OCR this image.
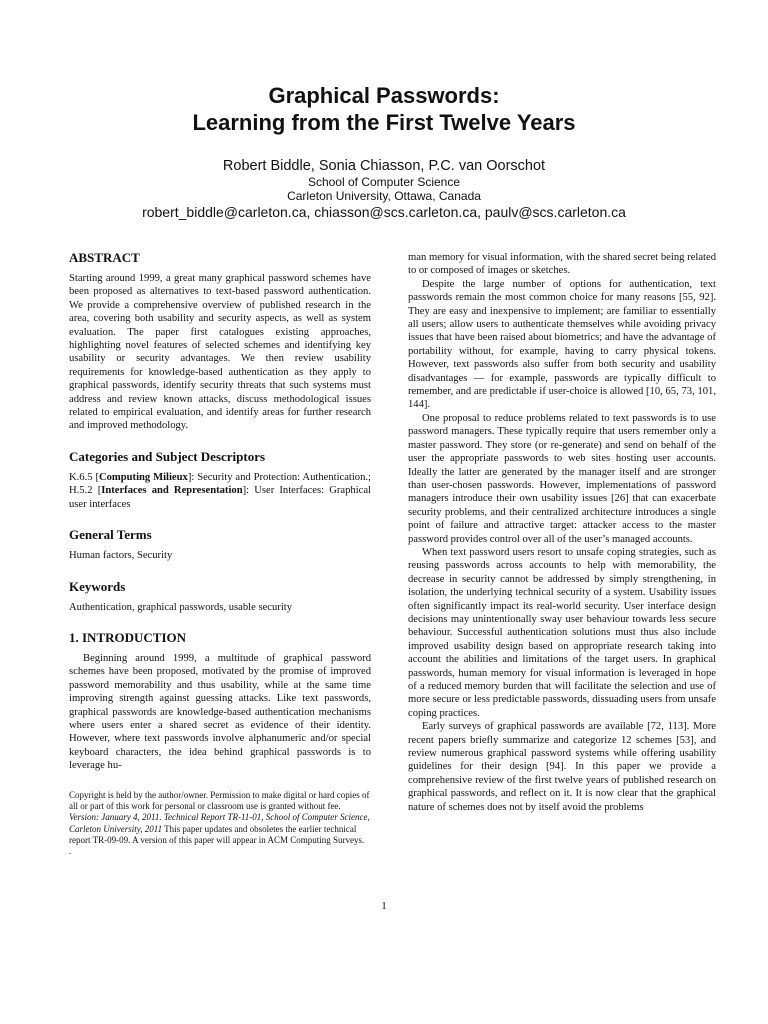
Graphical Passwords:
Learning from the First Twelve Years
Robert Biddle, Sonia Chiasson, P.C. van Oorschot
School of Computer Science
Carleton University, Ottawa, Canada
robert_biddle@carleton.ca, chiasson@scs.carleton.ca, paulv@scs.carleton.ca
ABSTRACT

Starting around 1999, a great many graphical password schemes have been proposed as alternatives to text-based password authentication. We provide a comprehensive overview of published research in the area, covering both usability and security aspects, as well as system evaluation. The paper first catalogues existing approaches, highlighting novel features of selected schemes and identifying key usability or security advantages. We then review usability requirements for knowledge-based authentication as they apply to graphical passwords, identify security threats that such systems must address and review known attacks, discuss methodological issues related to empirical evaluation, and identify areas for further research and improved methodology.

Categories and Subject Descriptors

K.6.5 [Computing Milieux]: Security and Protection: Authentication.; H.5.2 [Interfaces and Representation]: User Interfaces: Graphical user interfaces

General Terms

Human factors, Security

Keywords

Authentication, graphical passwords, usable security

1. INTRODUCTION

Beginning around 1999, a multitude of graphical password schemes have been proposed, motivated by the promise of improved password memorability and thus usability, while at the same time improving strength against guessing attacks. Like text passwords, graphical passwords are knowledge-based authentication mechanisms where users enter a shared secret as evidence of their identity. However, where text passwords involve alphanumeric and/or special keyboard characters, the idea behind graphical passwords is to leverage hu-

Copyright is held by the author/owner. Permission to make digital or hard copies of all or part of this work for personal or classroom use is granted without fee.

Version: January 4, 2011. Technical Report TR-11-01, School of Computer Science, Carleton University, 2011 This paper updates and obsoletes the earlier technical report TR-09-09. A version of this paper will appear in ACM Computing Surveys.

.

man memory for visual information, with the shared secret being related to or composed of images or sketches.

Despite the large number of options for authentication, text passwords remain the most common choice for many reasons [55, 92]. They are easy and inexpensive to implement; are familiar to essentially all users; allow users to authenticate themselves while avoiding privacy issues that have been raised about biometrics; and have the advantage of portability without, for example, having to carry physical tokens. However, text passwords also suffer from both security and usability disadvantages — for example, passwords are typically difficult to remember, and are predictable if user-choice is allowed [10, 65, 73, 101, 144].

One proposal to reduce problems related to text passwords is to use password managers. These typically require that users remember only a master password. They store (or re-generate) and send on behalf of the user the appropriate passwords to web sites hosting user accounts. Ideally the latter are generated by the manager itself and are stronger than user-chosen passwords. However, implementations of password managers introduce their own usability issues [26] that can exacerbate security problems, and their centralized architecture introduces a single point of failure and attractive target: attacker access to the master password provides control over all of the user’s managed accounts.

When text password users resort to unsafe coping strategies, such as reusing passwords across accounts to help with memorability, the decrease in security cannot be addressed by simply strengthening, in isolation, the underlying technical security of a system. Usability issues often significantly impact its real-world security. User interface design decisions may unintentionally sway user behaviour towards less secure behaviour. Successful authentication solutions must thus also include improved usability design based on appropriate research taking into account the abilities and limitations of the target users. In graphical passwords, human memory for visual information is leveraged in hope of a reduced memory burden that will facilitate the selection and use of more secure or less predictable passwords, dissuading users from unsafe coping practices.

Early surveys of graphical passwords are available [72, 113]. More recent papers briefly summarize and categorize 12 schemes [53], and review numerous graphical password systems while offering usability guidelines for their design [94]. In this paper we provide a comprehensive review of the first twelve years of published research on graphical passwords, and reflect on it. It is now clear that the graphical nature of schemes does not by itself avoid the problems

1
